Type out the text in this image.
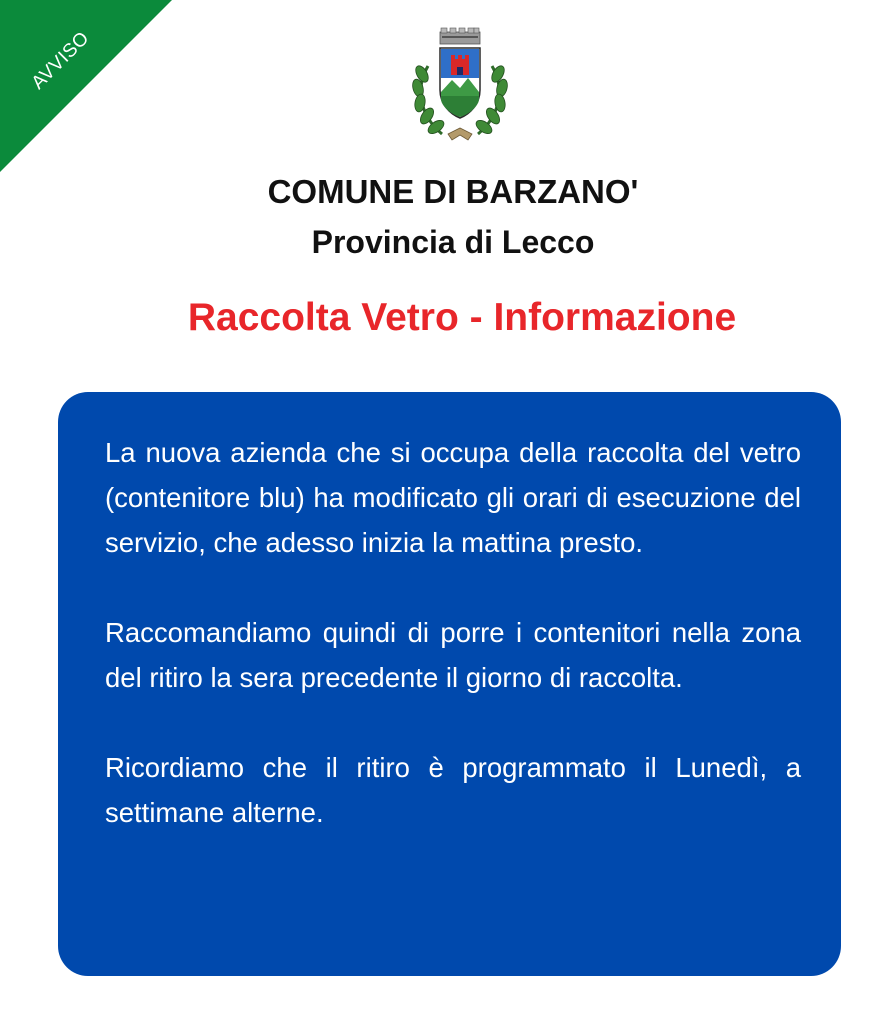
AVVISO
COMUNE DI BARZANO'
Provincia di Lecco
Raccolta Vetro - Informazione

La nuova azienda che si occupa della raccolta del vetro (contenitore blu) ha modificato gli orari di esecuzione del servizio, che adesso inizia la mattina presto.

Raccomandiamo quindi di porre i contenitori nella zona del ritiro la sera precedente il giorno di raccolta.

Ricordiamo che il ritiro è programmato il Lunedì, a settimane alterne.
